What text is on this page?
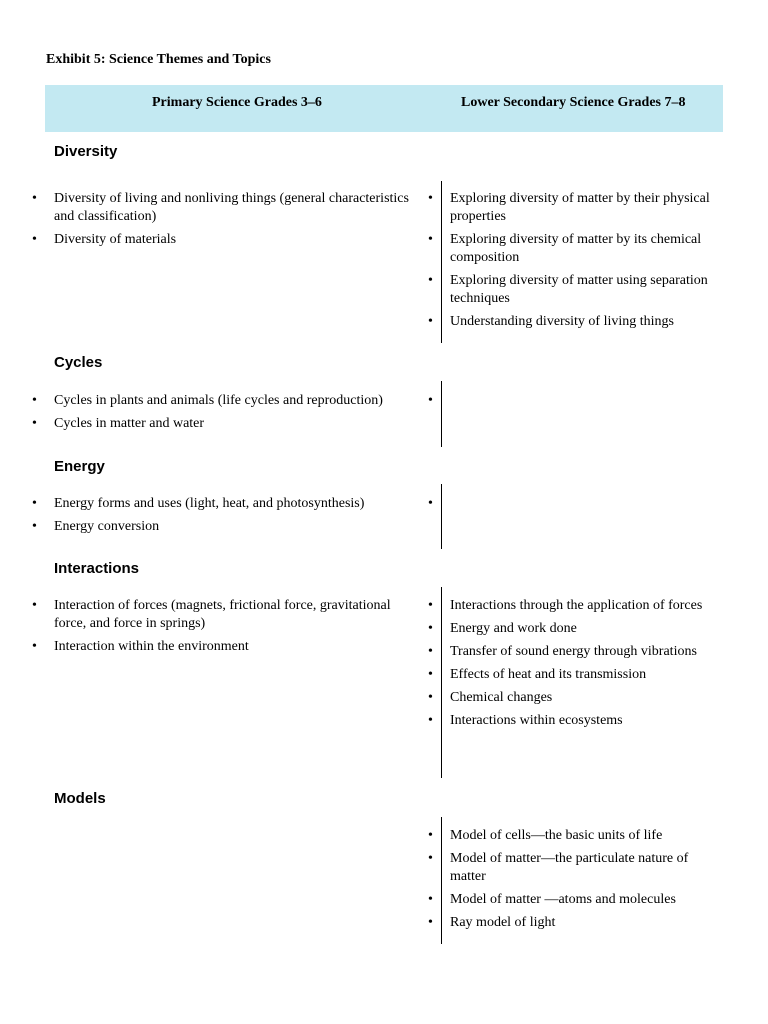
Exhibit 5: Science Themes and Topics
Primary Science Grades 3–6	Lower Secondary Science Grades 7–8
Diversity
• Diversity of living and nonliving things (general characteristics and classification)
• Diversity of materials
• Exploring diversity of matter by their physical properties
• Exploring diversity of matter by its chemical composition
• Exploring diversity of matter using separation techniques
• Understanding diversity of living things
Cycles
• Cycles in plants and animals (life cycles and reproduction)
• Cycles in matter and water
•
Energy
• Energy forms and uses (light, heat, and photosynthesis)
• Energy conversion
•
Interactions
• Interaction of forces (magnets, frictional force, gravitational force, and force in springs)
• Interaction within the environment
• Interactions through the application of forces
• Energy and work done
• Transfer of sound energy through vibrations
• Effects of heat and its transmission
• Chemical changes
• Interactions within ecosystems
Models
• Model of cells—the basic units of life
• Model of matter—the particulate nature of matter
• Model of matter —atoms and molecules
• Ray model of light
